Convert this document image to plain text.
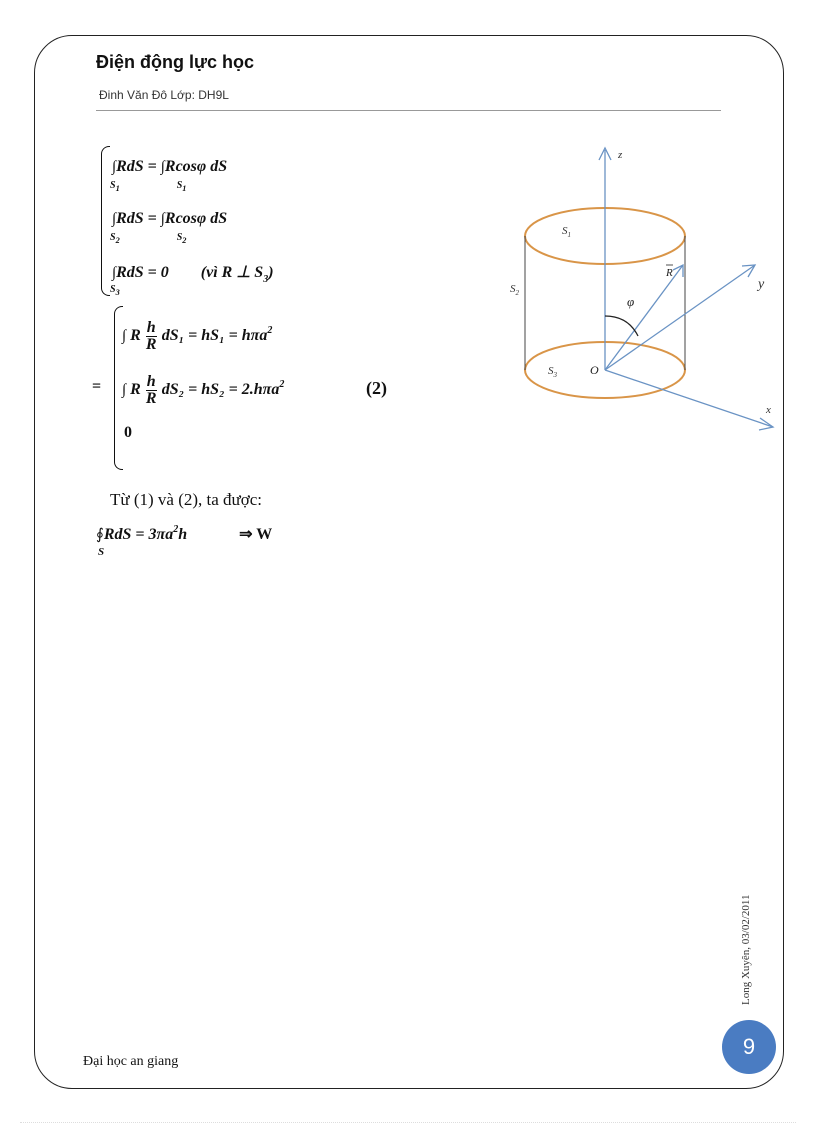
Điện động lực học
Đinh Văn Đô Lớp: DH9L
∫RdS = ∫Rcosφ dS
$S_1$	$S_1$
∫RdS = ∫Rcosφ dS
$S_2$	$S_2$
∫RdS = 0 (vì R ⊥ $S_3$)
$S_3$
=
∫ R $\frac{h}{R} dS_1 = hS_1 = h\pi a^2$
∫ R $\frac{h}{R} dS_2 = hS_2 = 2.h\pi a^2$
0
(2)
Từ (1) và (2), ta được:
∮RdS = $3\pi a^2h$	⇒ W
S
z
y
x
O
φ
R
$S_1$
$S_2$
$S_3$
Long Xuyên, 03/02/2011
9
Đại học an giang
